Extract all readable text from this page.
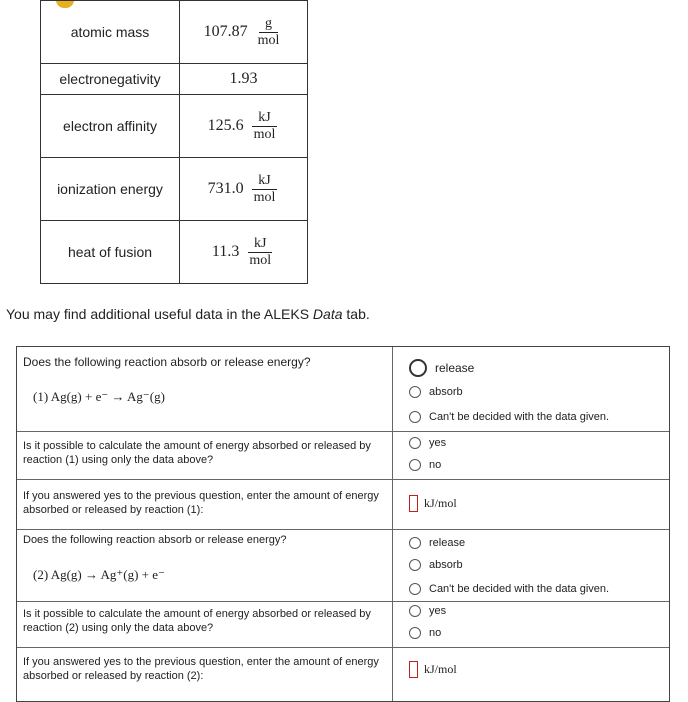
atomic mass	$107.87 \frac{g}{\text{mol}}$

electronegativity	1.93
electron affinity	$125.6 \frac{kJ}{\text{mol}}$

ionization energy	$731.0 \frac{kJ}{\text{mol}}$

heat of fusion	$11.3 \frac{kJ}{\text{mol}}$
You may find additional useful data in the ALEKS Data tab.
Does the following reaction absorb or release energy?
(1) Ag(g) + e⁻ → Ag⁻(g)
release
absorb
Can't be decided with the data given.
Is it possible to calculate the amount of energy absorbed or released by reaction (1) using only the data above?
yes
no
If you answered yes to the previous question, enter the amount of energy absorbed or released by reaction (1):	kJ/mol
Does the following reaction absorb or release energy?
(2) Ag(g) → Ag⁺(g) + e⁻
release
absorb
Can't be decided with the data given.
Is it possible to calculate the amount of energy absorbed or released by reaction (2) using only the data above?
yes
no
If you answered yes to the previous question, enter the amount of energy absorbed or released by reaction (2):	kJ/mol
